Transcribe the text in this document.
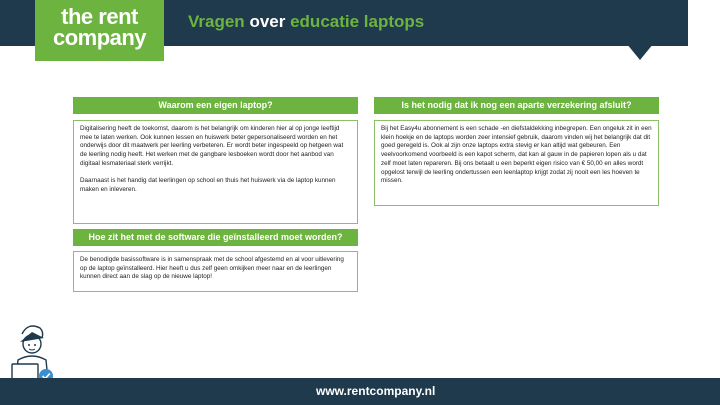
the rent
company
Vragen over educatie laptops
Waarom een eigen laptop?

Digitalisering heeft de toekomst, daarom is het belangrijk om kinderen hier al op jonge leeftijd mee te laten werken. Ook kunnen lessen en huiswerk beter gepersonaliseerd worden en het onderwijs door dit maatwerk per leerling verbeteren. Er wordt beter ingespeeld op hetgeen wat de leerling nodig heeft. Het werken met de gangbare lesboeken wordt door het aanbod van digitaal lesmateriaal sterk verrijkt.

Daarnaast is het handig dat leerlingen op school en thuis het huiswerk via de laptop kunnen maken en inleveren.

Hoe zit het met de software die geïnstalleerd moet worden?

De benodigde basissoftware is in samenspraak met de school afgestemd en al voor uitlevering op de laptop geïnstalleerd. Hier heeft u dus zelf geen omkijken meer naar en de leerlingen kunnen direct aan de slag op de nieuwe laptop!

Is het nodig dat ik nog een aparte verzekering afsluit?

Bij het Easy4u abonnement is een schade -en diefstaldekking inbegrepen. Een ongeluk zit in een klein hoekje en de laptops worden zeer intensief gebruik, daarom vinden wij het belangrijk dat dit goed geregeld is. Ook al zijn onze laptops extra stevig er kan altijd wat gebeuren. Een veelvoorkomend voorbeeld is een kapot scherm, dat kan al gauw in de papieren lopen als u dat zelf moet laten repareren. Bij ons betaalt u een beperkt eigen risico van € 50,00 en alles wordt opgelost terwijl de leerling ondertussen een leenlaptop krijgt zodat zij nooit een les hoeven te missen.

www.rentcompany.nl
